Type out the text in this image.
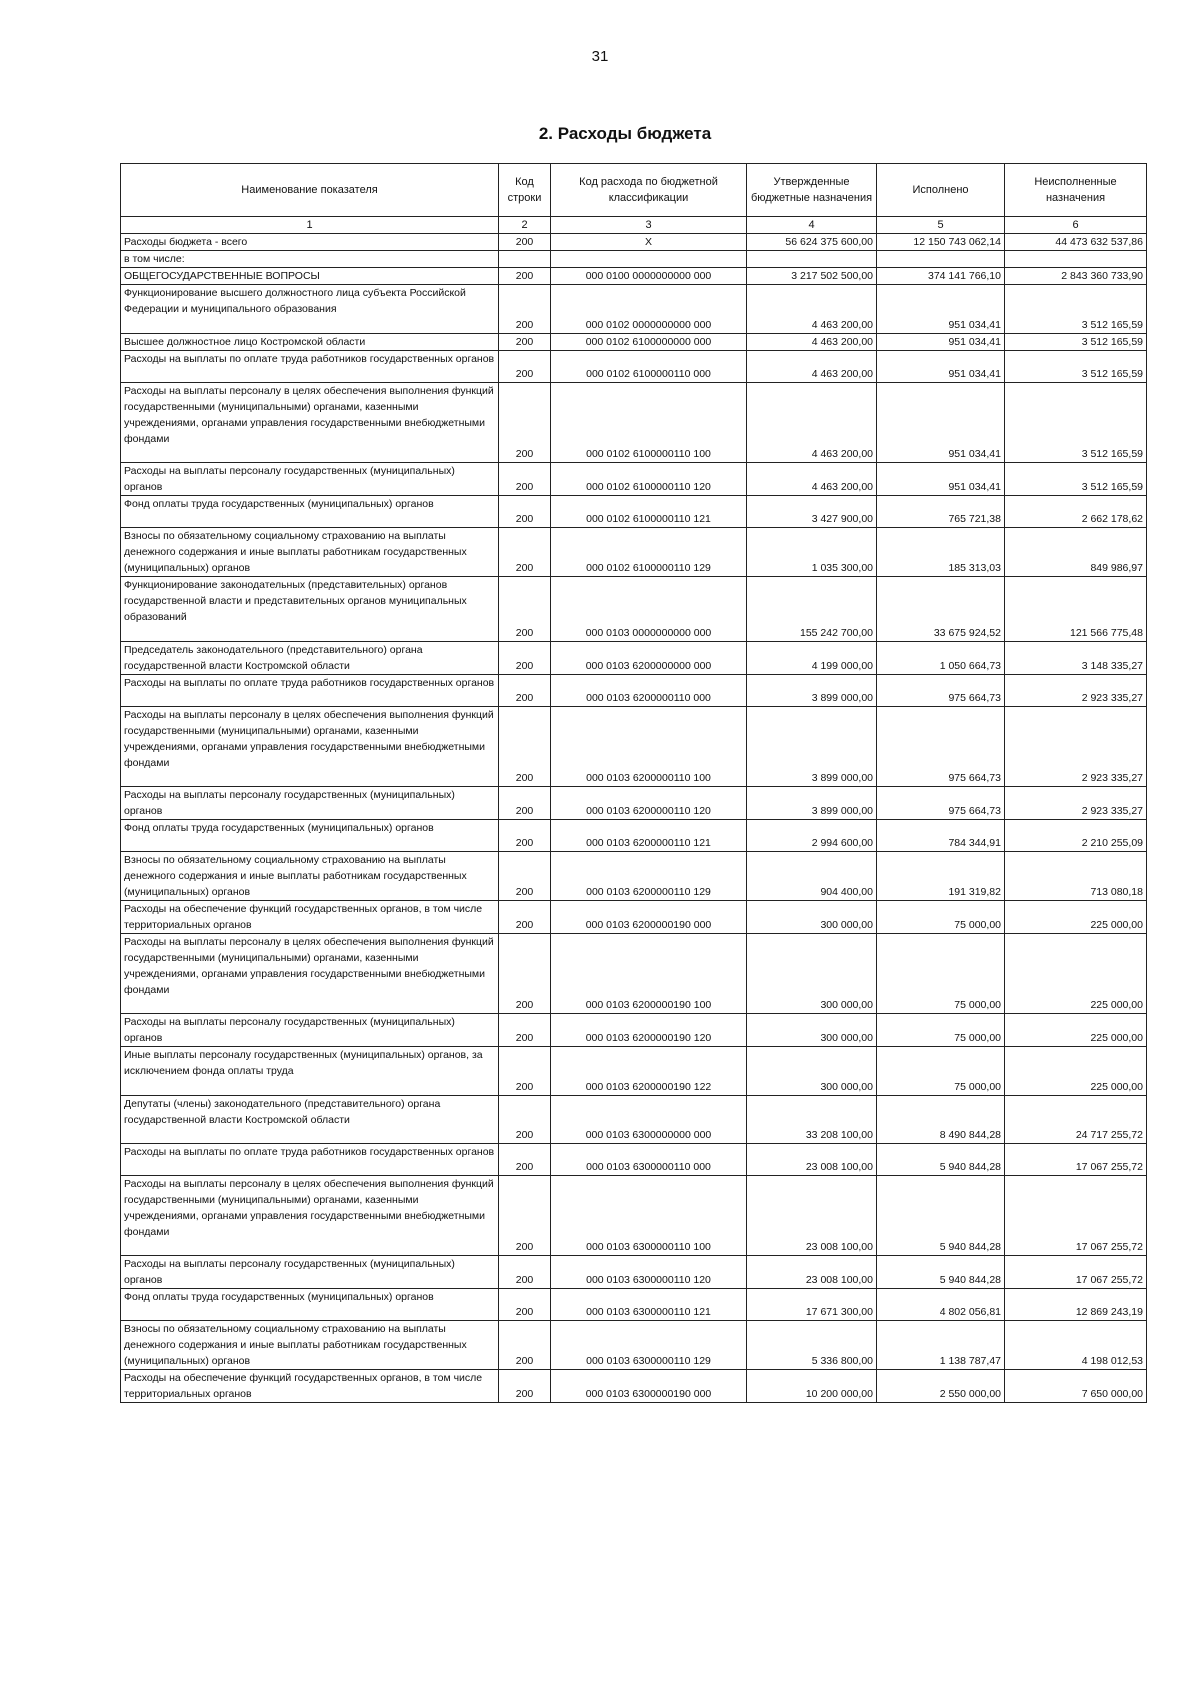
31
2. Расходы бюджета
Наименование показателя	Код строки	Код расхода по бюджетной классификации	Утвержденные бюджетные назначения	Исполнено	Неисполненные назначения
1	2	3	4	5	6
Расходы бюджета - всего	200	X	56 624 375 600,00	12 150 743 062,14	44 473 632 537,86
в том числе:					
ОБЩЕГОСУДАРСТВЕННЫЕ ВОПРОСЫ	200	000 0100 0000000000 000	3 217 502 500,00	374 141 766,10	2 843 360 733,90
Функционирование высшего должностного лица субъекта Российской Федерации и муниципального образования	200	000 0102 0000000000 000	4 463 200,00	951 034,41	3 512 165,59
Высшее должностное лицо Костромской области	200	000 0102 6100000000 000	4 463 200,00	951 034,41	3 512 165,59
Расходы на выплаты по оплате труда работников государственных органов	200	000 0102 6100000110 000	4 463 200,00	951 034,41	3 512 165,59
Расходы на выплаты персоналу в целях обеспечения выполнения функций государственными (муниципальными) органами, казенными учреждениями, органами управления государственными внебюджетными фондами	200	000 0102 6100000110 100	4 463 200,00	951 034,41	3 512 165,59
Расходы на выплаты персоналу государственных (муниципальных) органов	200	000 0102 6100000110 120	4 463 200,00	951 034,41	3 512 165,59
Фонд оплаты труда государственных (муниципальных) органов	200	000 0102 6100000110 121	3 427 900,00	765 721,38	2 662 178,62
Взносы по обязательному социальному страхованию на выплаты денежного содержания и иные выплаты работникам государственных (муниципальных) органов	200	000 0102 6100000110 129	1 035 300,00	185 313,03	849 986,97
Функционирование законодательных (представительных) органов государственной власти и представительных органов муниципальных образований	200	000 0103 0000000000 000	155 242 700,00	33 675 924,52	121 566 775,48
Председатель законодательного (представительного) органа государственной власти Костромской области	200	000 0103 6200000000 000	4 199 000,00	1 050 664,73	3 148 335,27
Расходы на выплаты по оплате труда работников государственных органов	200	000 0103 6200000110 000	3 899 000,00	975 664,73	2 923 335,27
Расходы на выплаты персоналу в целях обеспечения выполнения функций государственными (муниципальными) органами, казенными учреждениями, органами управления государственными внебюджетными фондами	200	000 0103 6200000110 100	3 899 000,00	975 664,73	2 923 335,27
Расходы на выплаты персоналу государственных (муниципальных) органов	200	000 0103 6200000110 120	3 899 000,00	975 664,73	2 923 335,27
Фонд оплаты труда государственных (муниципальных) органов	200	000 0103 6200000110 121	2 994 600,00	784 344,91	2 210 255,09
Взносы по обязательному социальному страхованию на выплаты денежного содержания и иные выплаты работникам государственных (муниципальных) органов	200	000 0103 6200000110 129	904 400,00	191 319,82	713 080,18
Расходы на обеспечение функций государственных органов, в том числе территориальных органов	200	000 0103 6200000190 000	300 000,00	75 000,00	225 000,00
Расходы на выплаты персоналу в целях обеспечения выполнения функций государственными (муниципальными) органами, казенными учреждениями, органами управления государственными внебюджетными фондами	200	000 0103 6200000190 100	300 000,00	75 000,00	225 000,00
Расходы на выплаты персоналу государственных (муниципальных) органов	200	000 0103 6200000190 120	300 000,00	75 000,00	225 000,00
Иные выплаты персоналу государственных (муниципальных) органов, за исключением фонда оплаты труда	200	000 0103 6200000190 122	300 000,00	75 000,00	225 000,00
Депутаты (члены) законодательного (представительного) органа государственной власти Костромской области	200	000 0103 6300000000 000	33 208 100,00	8 490 844,28	24 717 255,72
Расходы на выплаты по оплате труда работников государственных органов	200	000 0103 6300000110 000	23 008 100,00	5 940 844,28	17 067 255,72
Расходы на выплаты персоналу в целях обеспечения выполнения функций государственными (муниципальными) органами, казенными учреждениями, органами управления государственными внебюджетными фондами	200	000 0103 6300000110 100	23 008 100,00	5 940 844,28	17 067 255,72
Расходы на выплаты персоналу государственных (муниципальных) органов	200	000 0103 6300000110 120	23 008 100,00	5 940 844,28	17 067 255,72
Фонд оплаты труда государственных (муниципальных) органов	200	000 0103 6300000110 121	17 671 300,00	4 802 056,81	12 869 243,19
Взносы по обязательному социальному страхованию на выплаты денежного содержания и иные выплаты работникам государственных (муниципальных) органов	200	000 0103 6300000110 129	5 336 800,00	1 138 787,47	4 198 012,53
Расходы на обеспечение функций государственных органов, в том числе территориальных органов	200	000 0103 6300000190 000	10 200 000,00	2 550 000,00	7 650 000,00
